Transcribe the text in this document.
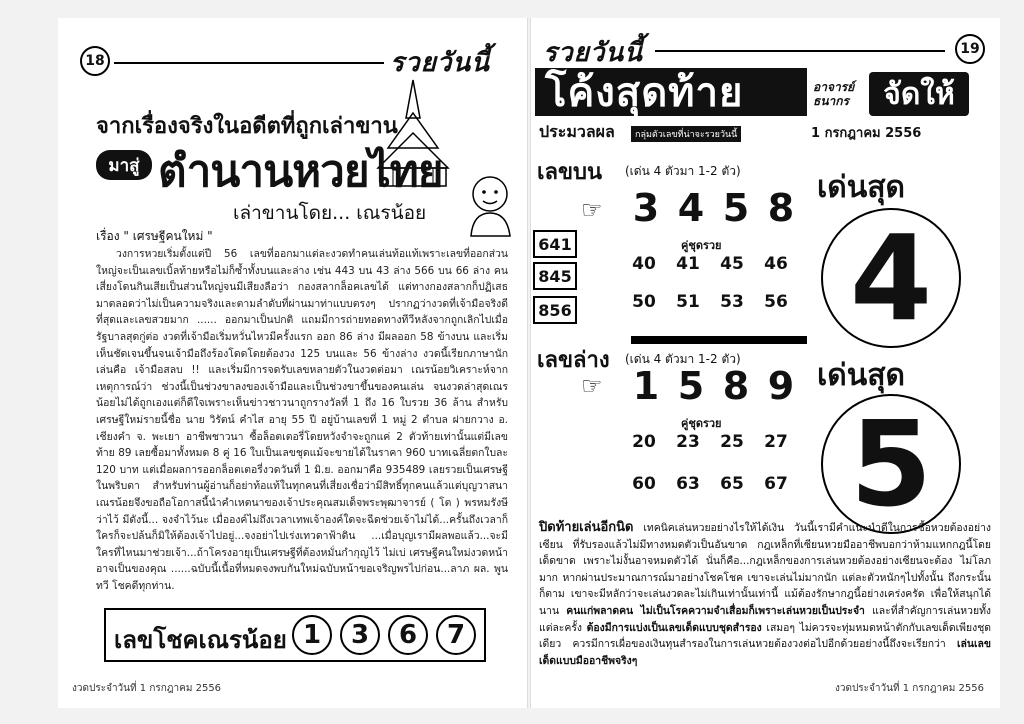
18	รวยวันนี้
จากเรื่องจริงในอดีตที่ถูกเล่าขาน
มาสู่ ตำนานหวยไทย
เล่าขานโดย... เณรน้อย
เรื่อง " เศรษฐีคนใหม่ "
วงการหวยเริ่มตั้งแต่ปี 56 เลขที่ออกมาแต่ละงวดทำคนเล่นท้อแท้เพราะเลขที่ออกส่วนใหญ่จะเป็นเลขเบิ้ลท้ายหรือไม่ก็ซ้ำทั้งบนและล่าง เช่น 443 บน 43 ล่าง 566 บน 66 ล่าง คนเสี่ยงโดนกินเสียเป็นส่วนใหญ่จนมีเสียงลือว่า กองสลากล็อคเลขได้ แต่ทางกองสลากก็ปฏิเสธมาตลอดว่าไม่เป็นความจริงและตามลำดับที่ผ่านมาท่าแบบตรงๆ ปรากฏว่างวดที่เจ้ามือจริงดีที่สุดและเลขสวยมาก ...... ออกมาเป็นปกติ แถมมีการถ่ายทอดทางทีวีหลังจากถูกเลิกไปเมื่อรัฐบาลสุดกู่ต่อ งวดที่เจ้ามือเริ่มหวั่นไหวมีครั้งแรก ออก 86 ล่าง มีผลออก 58 ข้างบน และเริ่มเห็นชัดเจนขึ้นจนเจ้ามือถึงร้องโดดโดยต้องวง 125 บนและ 56 ข้างล่าง งวดนี้เรียกภาษานักเล่นคือ เจ้ามือสลบ !! และเริ่มมีการจดรับเลขหลายตัวในงวดต่อมา เณรน้อยวิเคราะห์จากเหตุการณ์ว่า ช่วงนี้เป็นช่วงขาลงของเจ้ามือและเป็นช่วงขาขึ้นของคนเล่น จนงวดล่าสุดเณรน้อยไม่ได้ถูกเองแต่ก็ดีใจเพราะเห็นข่าวชาวนาถูกรางวัลที่ 1 ถึง 16 ใบรวย 36 ล้าน สำหรับเศรษฐีใหม่รายนี้ชื่อ นาย วิรัตน์ คำไส อายุ 55 ปี อยู่บ้านเลขที่ 1 หมู่ 2 ตำบล ฝายกวาง อ. เชียงคำ จ. พะเยา อาชีพชาวนา ซื้อล็อตเตอรี่โดยหวังจำจะถูกแค่ 2 ตัวท้ายเท่านั้นแต่มีเลขท้าย 89 เลยซื้อมาทั้งหมด 8 คู่ 16 ใบเป็นเลขชุดแม้จะขายได้ในราคา 960 บาทเฉลี่ยตกใบละ 120 บาท แต่เมื่อผลการออกล็อตเตอรี่งวดวันที่ 1 มิ.ย. ออกมาคือ 935489 เลยรวยเป็นเศรษฐีในพริบตา สำหรับท่านผู้อ่านก็อย่าท้อแท้ในทุกคนที่เสี่ยงเชื่อว่ามีสิทธิ์ทุกคนแล้วแต่บุญวาสนา เณรน้อยจึงขอถือโอกาสนี้นำคำเหตนาของเจ้าประคุณสมเด็จพระพุฒาจารย์ ( โต ) พรหมรังษี ว่าไว้ มีดังนี้... จงจำไว้นะ เมื่อองค์ไม่ถึงเวลาเทพเจ้าองค์ใดจะฉีดช่วยเจ้าไม่ได้...ครั้นถึงเวลาก็ใครก็จะปล้นก็มิให้ต้องเจ้าไปอยู่...จงอย่าไปเร่งเทวดาฟ้าดิน ...เมื่อบุญเรามีผลพอแล้ว...จะมีใครที่ไหนมาช่วยเจ้า...ถ้าโครงอายุเป็นเศรษฐีที่ต้องหมั่นกำกุญไว้ ไม่เบ่ เศรษฐีคนใหม่งวดหน้าอาจเป็นของคุณ ......ฉบับนี้เนื้อที่หมดจงพบกันใหม่ฉบับหน้าขอเจริญพรไปก่อน...ลาภ ผล. พูน ทวี โชคดีทุกท่าน.
เลขโชคเณรน้อย 1	3	6	7
งวดประจำวันที่ 1 กรกฎาคม 2556
รวยวันนี้	19
โค้งสุดท้าย	อาจารย์
ธนากร	จัดให้
ประมวลผล	กลุ่มตัวเลขที่น่าจะรวยวันนี้	1 กรกฎาคม 2556
เลขบน (เด่น 4 ตัวมา 1-2 ตัว)
☞ 3 4 5 8
คู่ชุดรวย
40	41	45	46
50	51	53	56
641
845
856
เลขล่าง (เด่น 4 ตัวมา 1-2 ตัว)
☞ 1 5 8 9
คู่ชุดรวย
20	23	25	27
60	63	65	67
เด่นสุด
4
เด่นสุด
5
ปิดท้ายเล่นอีกนิด เทคนิคเล่นหวยอย่างไรให้ได้เงิน วันนี้เรามีคำแนะนำดีในการซื้อหวยต้องอย่างเซียน ที่รับรองแล้วไม่มีทางหมดตัวเป็นอันขาด กฎเหล็กที่เซียนหวยมืออาชีพบอกว่าห้ามแหกกฎนี้โดยเด็ดขาด เพราะไม่งั้นอาจหมดตัวได้ นั่นก็คือ...กฎเหล็กของการเล่นหวยต้องอย่างเซียนจะต้อง ไม่โลภมาก หากผ่านประมาณการณ์มาอย่างโชคโชค เขาจะเล่นไม่มากนัก แต่ละตัวหนักๆไปทั้งนั้น ถึงกระนั้นก็ตาม เขาจะมีหลักว่าจะเล่นงวดละไม่เกินเท่านั้นเท่านี้ แม้ต้องรักษากฎนี้อย่างเคร่งครัด เพื่อให้สนุกได้นาน คนแก่พลาดคน ไม่เป็นโรคความจำเสื่อมก็เพราะเล่นหวยเป็นประจำ และที่สำคัญการเล่นหวยทั้งแต่ละครั้ง ต้องมีการแบ่งเป็นเลขเด็ดแบบชุดสำรอง เสมอๆ ไม่ควรจะทุ่มหมดหน้าตักกับเลขเด็ดเพียงชุดเดียว ควรมีการเผื่อของเงินทุนสำรองในการเล่นหวยต้องวงต่อไปอีกด้วยอย่างนี้ถึงจะเรียกว่า เล่นเลขเด็ดแบบมืออาชีพจริงๆ
งวดประจำวันที่ 1 กรกฎาคม 2556
